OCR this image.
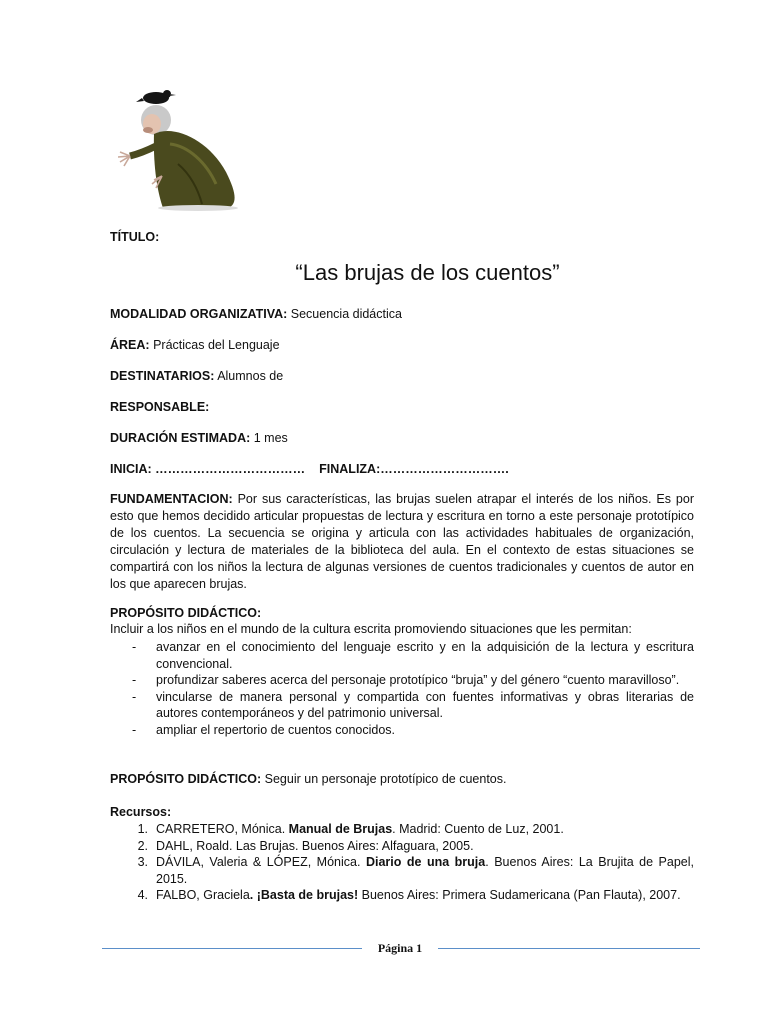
TÍTULO:
“Las brujas de los cuentos”
MODALIDAD ORGANIZATIVA: Secuencia didáctica
ÁREA: Prácticas del Lenguaje
DESTINATARIOS: Alumnos de
RESPONSABLE:
DURACIÓN ESTIMADA: 1 mes
INICIA: ……………………………… FINALIZA:………………………….
FUNDAMENTACION: Por sus características, las brujas suelen atrapar el interés de los niños. Es por esto que hemos decidido articular propuestas de lectura y escritura en torno a este personaje prototípico de los cuentos. La secuencia se origina y articula con las actividades habituales de organización, circulación y lectura de materiales de la biblioteca del aula. En el contexto de estas situaciones se compartirá con los niños la lectura de algunas versiones de cuentos tradicionales y cuentos de autor en los que aparecen brujas.
PROPÓSITO DIDÁCTICO:
Incluir a los niños en el mundo de la cultura escrita promoviendo situaciones que les permitan:
-	avanzar en el conocimiento del lenguaje escrito y en la adquisición de la lectura y escritura convencional.
-	profundizar saberes acerca del personaje prototípico “bruja” y del género “cuento maravilloso”.
-	vincularse de manera personal y compartida con fuentes informativas y obras literarias de autores contemporáneos y del patrimonio universal.
-	ampliar el repertorio de cuentos conocidos.
PROPÓSITO DIDÁCTICO: Seguir un personaje prototípico de cuentos.
Recursos:
1. CARRETERO, Mónica. Manual de Brujas. Madrid: Cuento de Luz, 2001.
2. DAHL, Roald. Las Brujas. Buenos Aires: Alfaguara, 2005.
3. DÁVILA, Valeria & LÓPEZ, Mónica. Diario de una bruja. Buenos Aires: La Brujita de Papel, 2015.
4. FALBO, Graciela. ¡Basta de brujas! Buenos Aires: Primera Sudamericana (Pan Flauta), 2007.
Página 1
